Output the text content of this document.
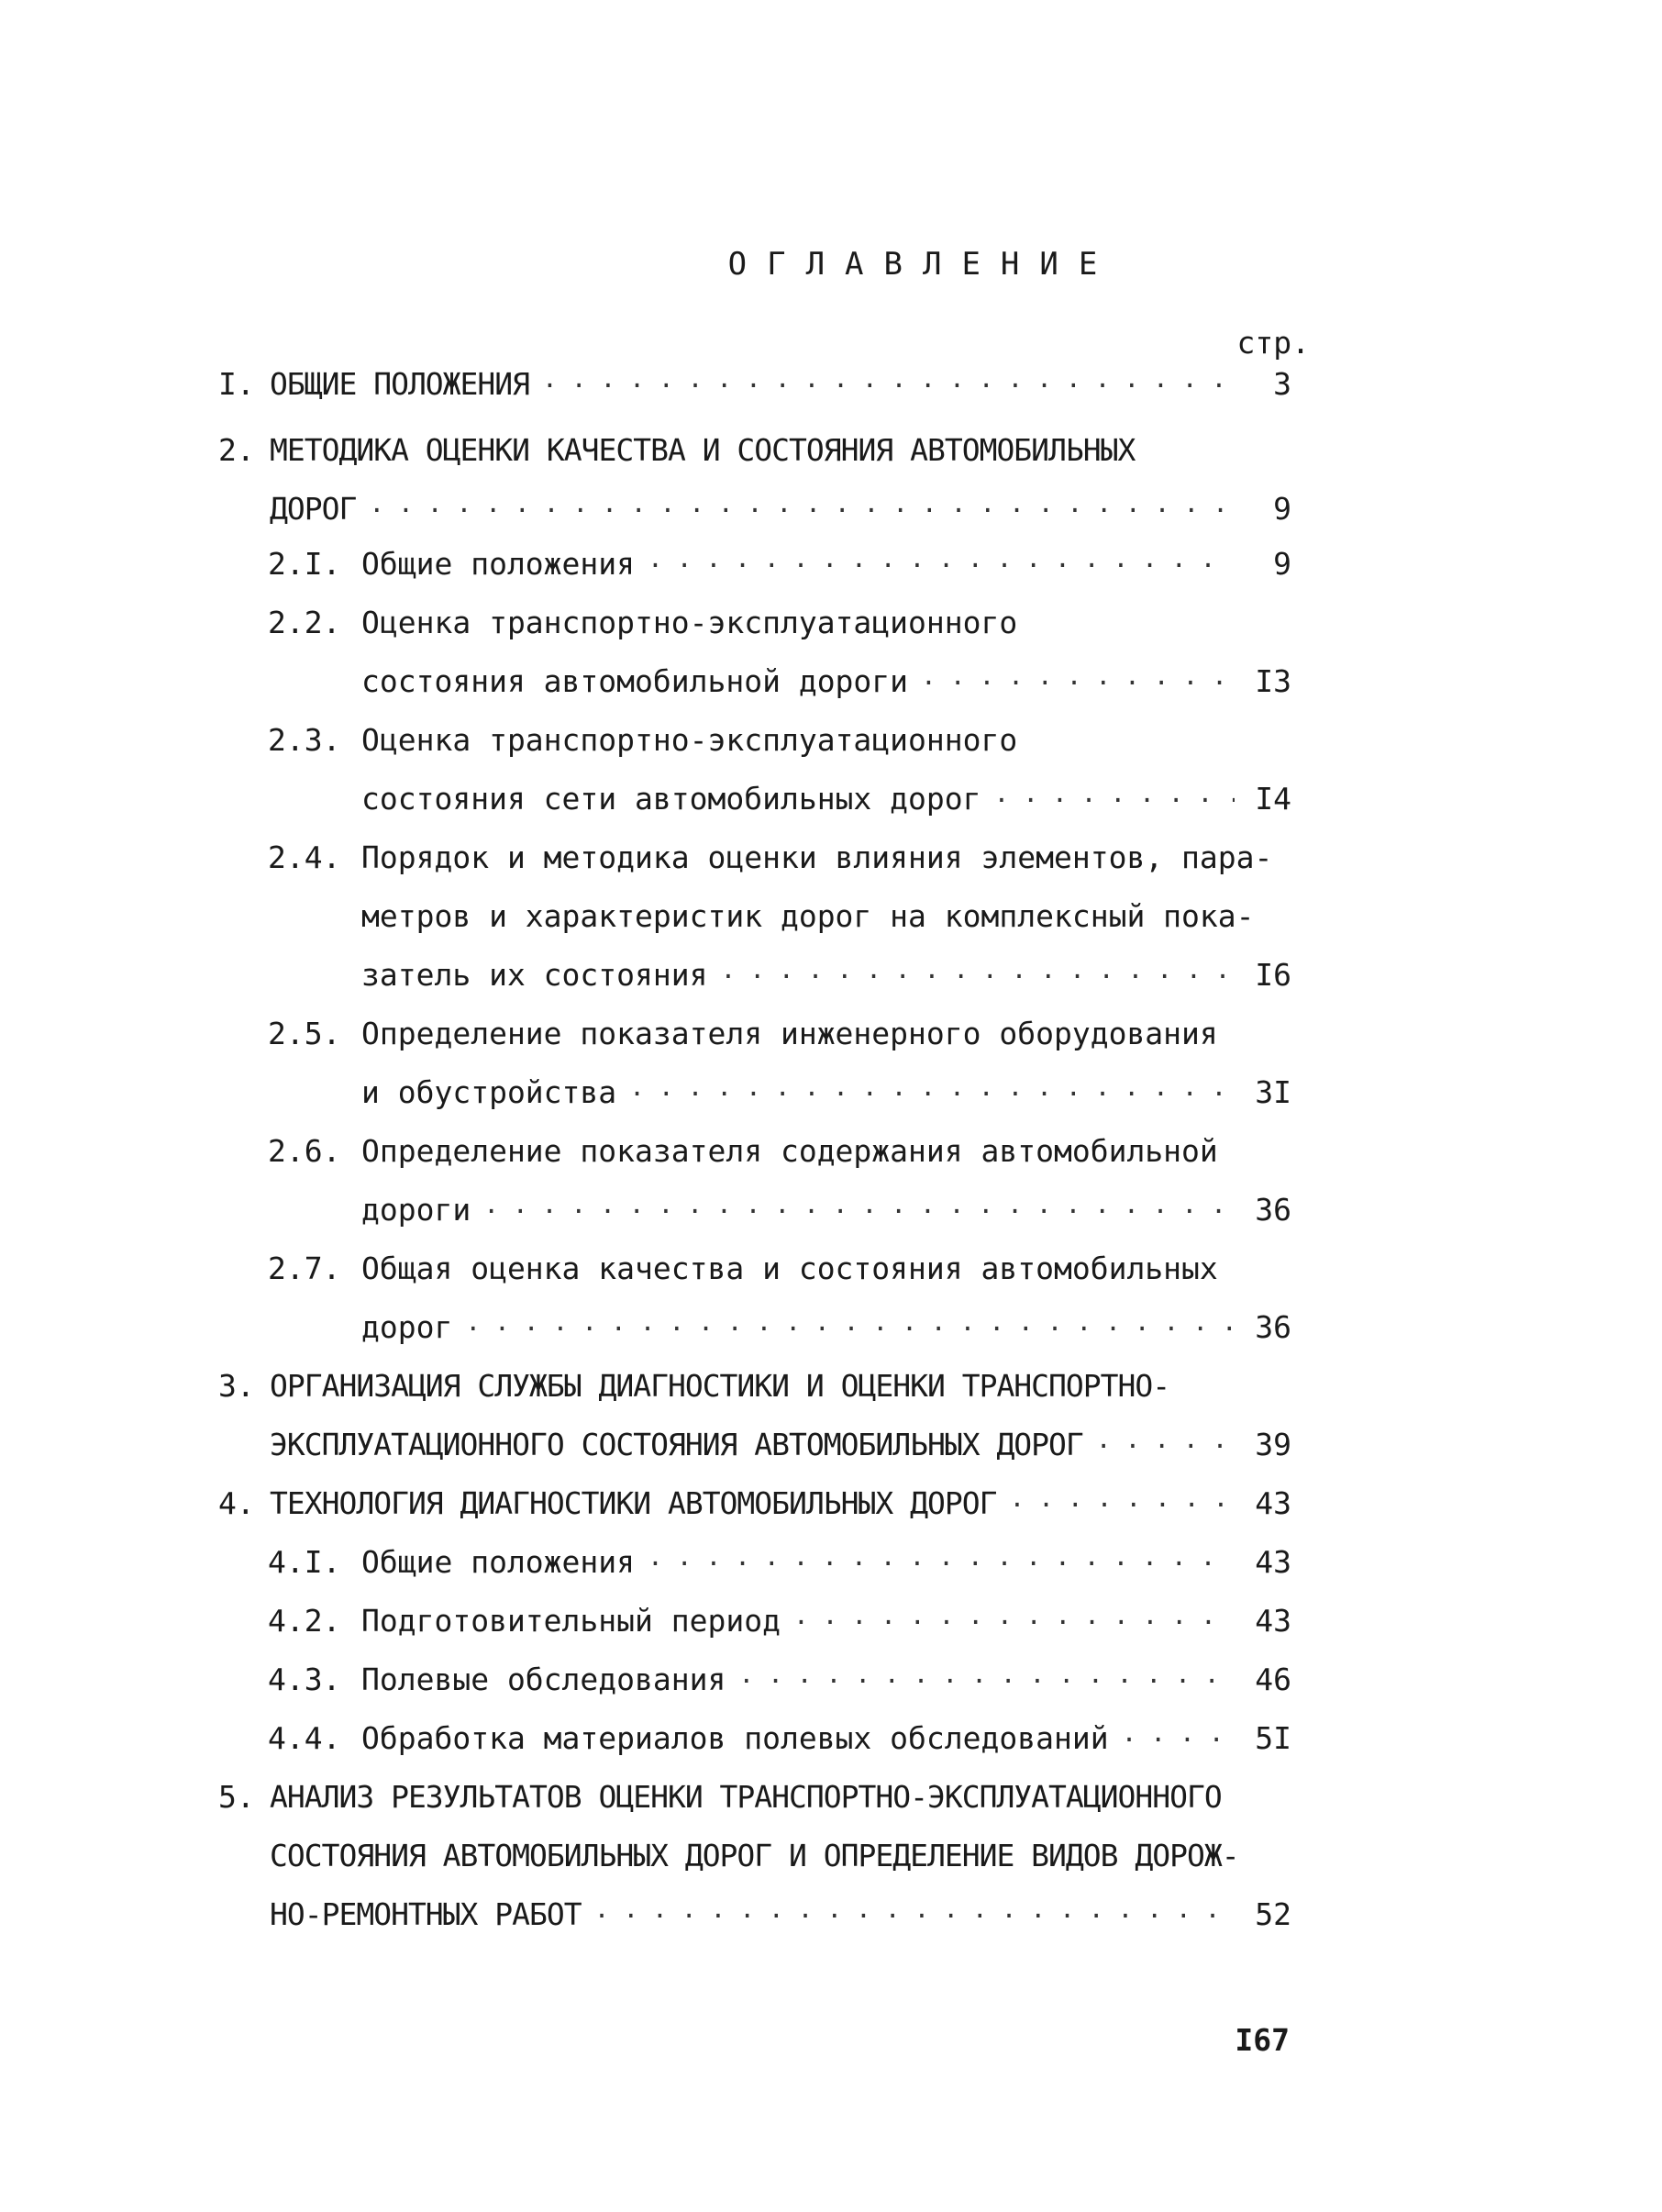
ОГЛАВЛЕНИЕ
стр.
I. ОБЩИЕ ПОЛОЖЕНИЯ . . .	3
2. МЕТОДИКА ОЦЕНКИ КАЧЕСТВА И СОСТОЯНИЯ АВТОМОБИЛЬНЫХ
ДОРОГ . . .	9
2.I. Общие положения . . .	9
2.2. Оценка транспортно-эксплуатационного
состояния автомобильной дороги . . .	I3
2.3. Оценка транспортно-эксплуатационного
состояния сети автомобильных дорог . . .	I4
2.4. Порядок и методика оценки влияния элементов, пара-
метров и характеристик дорог на комплексный пока-
затель их состояния . . .	I6
2.5. Определение показателя инженерного оборудования
и обустройства . . .	3I
2.6. Определение показателя содержания автомобильной
дороги . . .	36
2.7. Общая оценка качества и состояния автомобильных
дорог . . .	36
3. ОРГАНИЗАЦИЯ СЛУЖБЫ ДИАГНОСТИКИ И ОЦЕНКИ ТРАНСПОРТНО-
ЭКСПЛУАТАЦИОННОГО СОСТОЯНИЯ АВТОМОБИЛЬНЫХ ДОРОГ . . .	39
4. ТЕХНОЛОГИЯ ДИАГНОСТИКИ АВТОМОБИЛЬНЫХ ДОРОГ . . .	43
4.I. Общие положения . . .	43
4.2. Подготовительный период . . .	43
4.3. Полевые обследования . . .	46
4.4. Обработка материалов полевых обследований . . .	5I
5. АНАЛИЗ РЕЗУЛЬТАТОВ ОЦЕНКИ ТРАНСПОРТНО-ЭКСПЛУАТАЦИОННОГО
СОСТОЯНИЯ АВТОМОБИЛЬНЫХ ДОРОГ И ОПРЕДЕЛЕНИЕ ВИДОВ ДОРОЖ-
НО-РЕМОНТНЫХ РАБОТ . . .	52
I67
